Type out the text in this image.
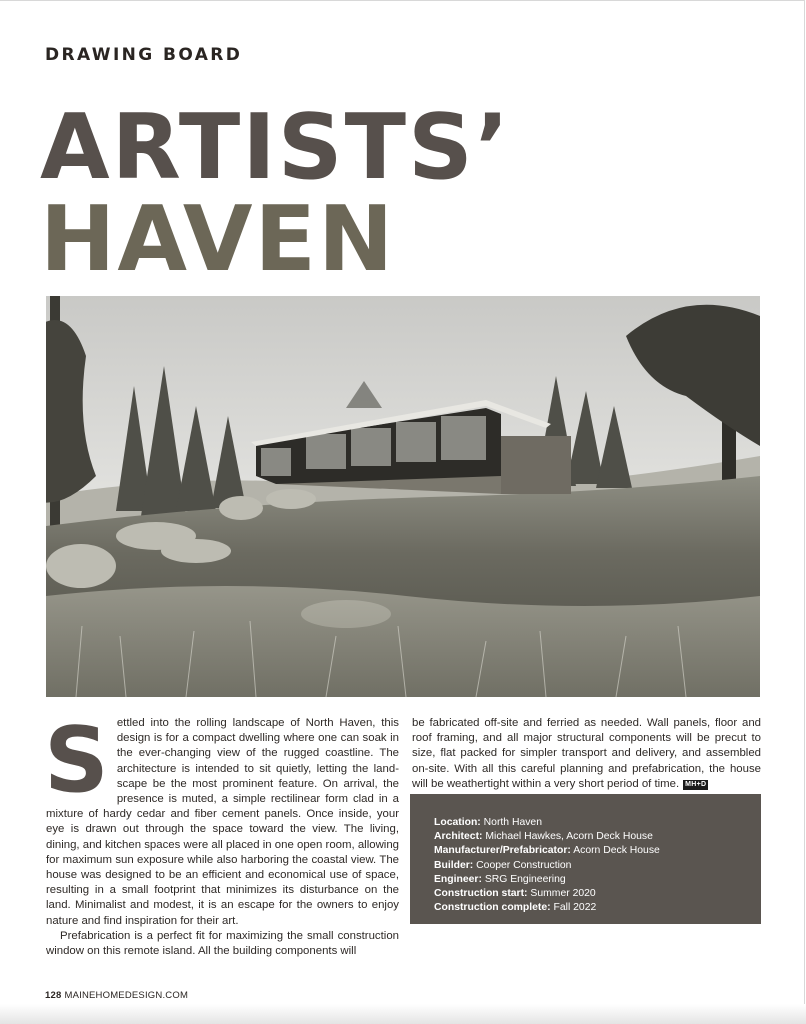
DRAWING BOARD
ARTISTS’
HAVEN

Settled into the rolling landscape of North Haven, this design is for a compact dwelling where one can soak in the ever-changing view of the rugged coastline. The architecture is intended to sit quietly, letting the landscape be the most prominent feature. On arrival, the presence is muted, a simple rectilinear form clad in a mixture of hardy cedar and fiber cement panels. Once inside, your eye is drawn out through the space toward the view. The living, dining, and kitchen spaces were all placed in one open room, allowing for maximum sun exposure while also harboring the coastal view. The house was designed to be an efficient and economical use of space, resulting in a small footprint that minimizes its disturbance on the land. Minimalist and modest, it is an escape for the owners to enjoy nature and find inspiration for their art.

Prefabrication is a perfect fit for maximizing the small construction window on this remote island. All the building components will

be fabricated off-site and ferried as needed. Wall panels, floor and roof framing, and all major structural components will be precut to size, flat packed for simpler transport and delivery, and assembled on-site. With all this careful planning and prefabrication, the house will be weathertight within a very short period of time. MH+D

Location: North Haven
Architect: Michael Hawkes, Acorn Deck House
Manufacturer/Prefabricator: Acorn Deck House
Builder: Cooper Construction
Engineer: SRG Engineering
Construction start: Summer 2020
Construction complete: Fall 2022
128 MAINEHOMEDESIGN.COM
